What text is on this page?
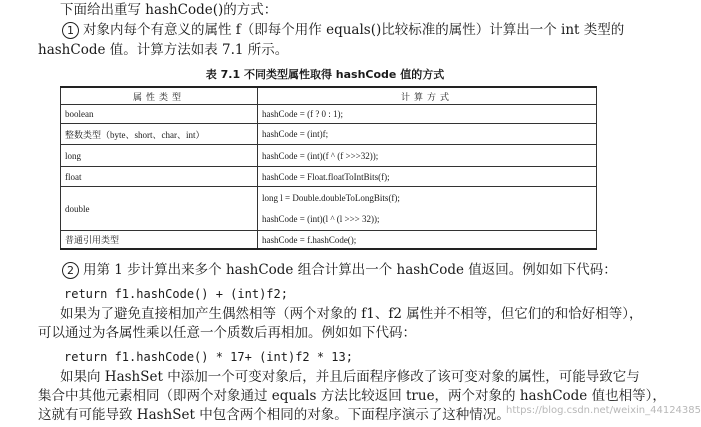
下面给出重写 hashCode()的方式：
1 对象内每个有意义的属性 f（即每个用作 equals()比较标准的属性）计算出一个 int 类型的
hashCode 值。计算方法如表 7.1 所示。
表 7.1 不同类型属性取得 hashCode 值的方式
属性类型	计算方式
boolean	hashCode = (f ? 0 : 1);
整数类型（byte、short、char、int）	hashCode = (int)f;
long	hashCode = (int)(f ^ (f >>>32));
float	hashCode = Float.floatToIntBits(f);
double	long l = Double.doubleToLongBits(f);
hashCode = (int)(l ^ (l >>> 32));

普通引用类型	hashCode = f.hashCode();
2 用第 1 步计算出来多个 hashCode 组合计算出一个 hashCode 值返回。例如如下代码：
return f1.hashCode() + (int)f2;
如果为了避免直接相加产生偶然相等（两个对象的 f1、f2 属性并不相等，但它们的和恰好相等），
可以通过为各属性乘以任意一个质数后再相加。例如如下代码：
return f1.hashCode() * 17+ (int)f2 * 13;
如果向 HashSet 中添加一个可变对象后，并且后面程序修改了该可变对象的属性，可能导致它与
集合中其他元素相同（即两个对象通过 equals 方法比较返回 true，两个对象的 hashCode 值也相等），
这就有可能导致 HashSet 中包含两个相同的对象。下面程序演示了这种情况。
https://blog.csdn.net/weixin_44124385
